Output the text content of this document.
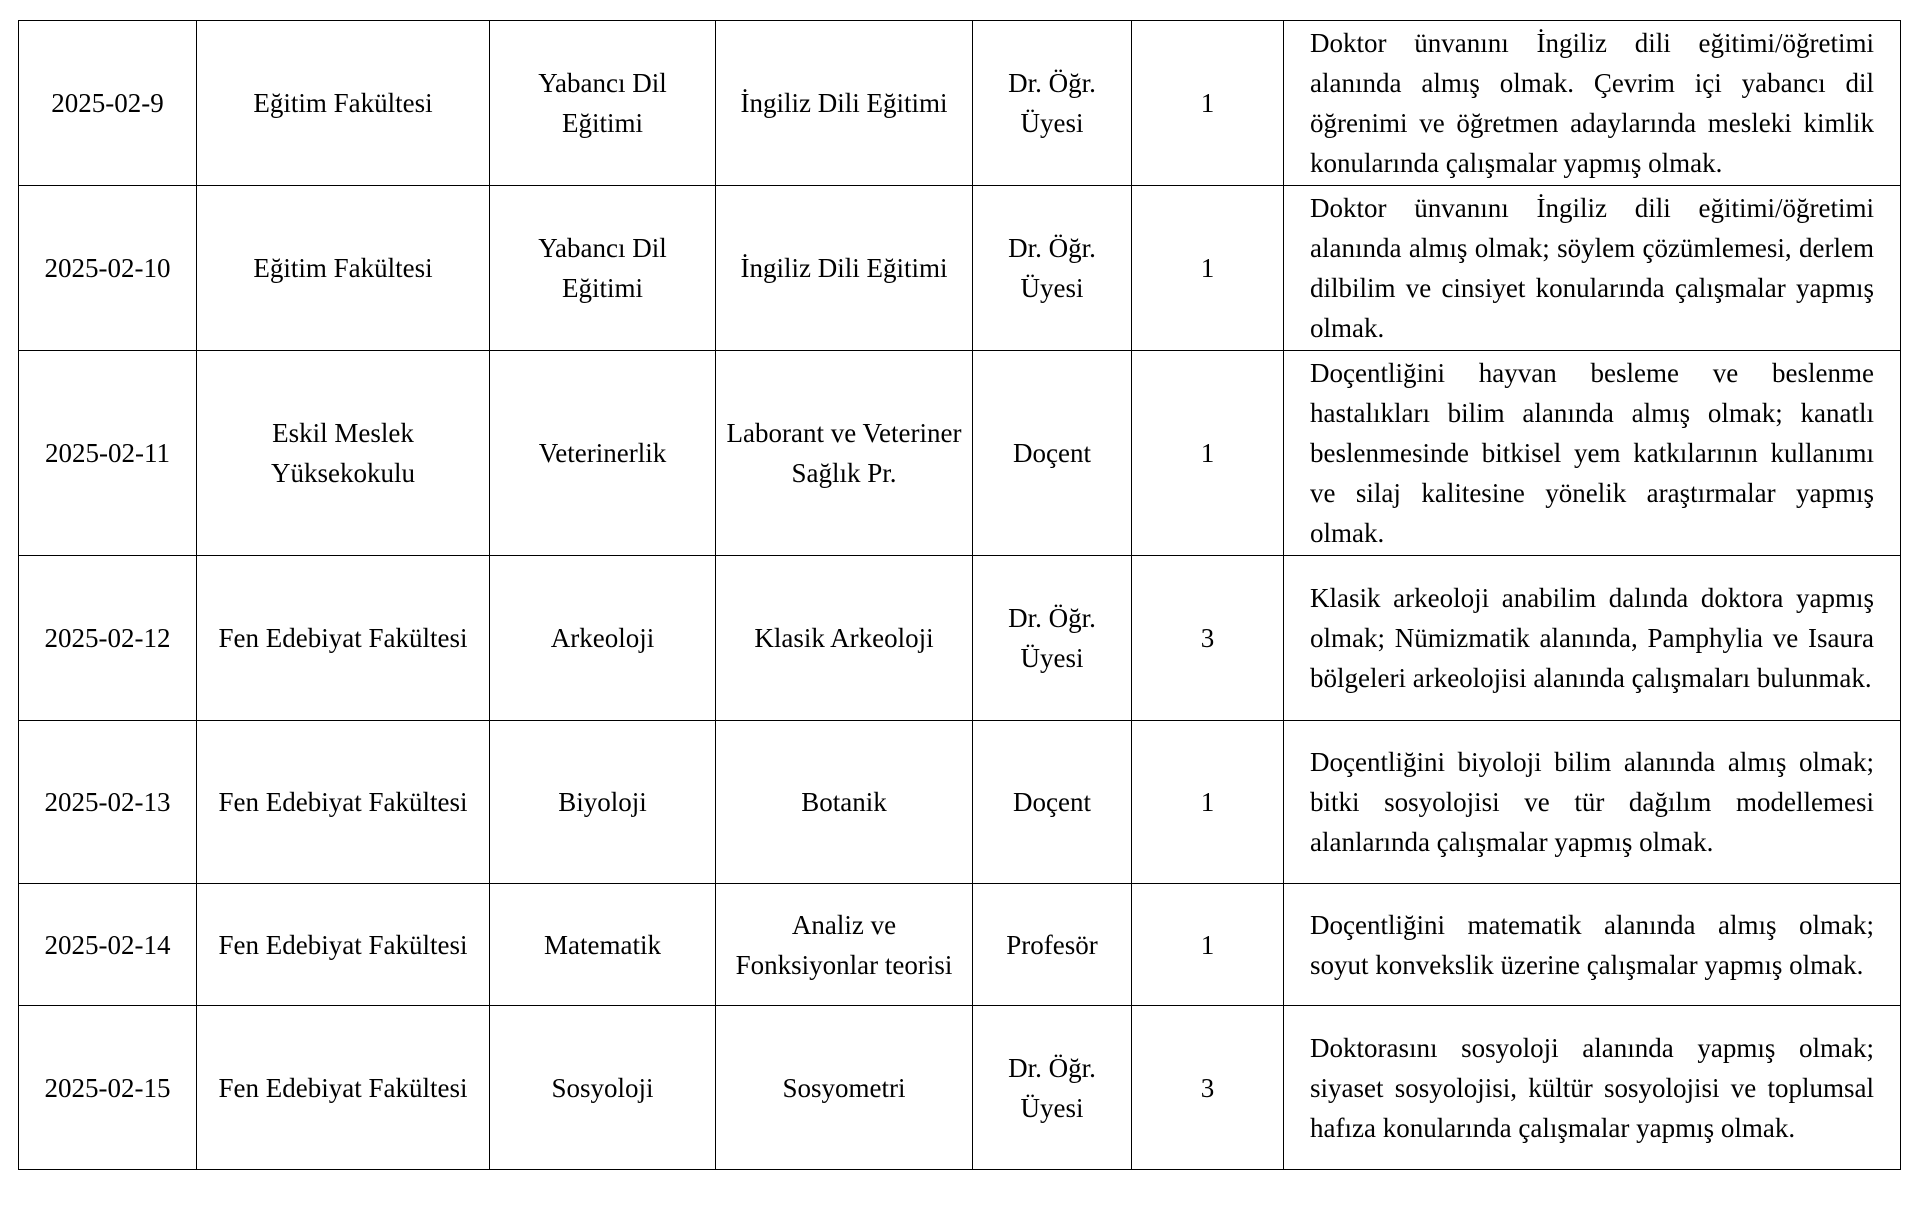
2025-02-9	Eğitim Fakültesi	Yabancı Dil Eğitimi	İngiliz Dili Eğitimi	Dr. Öğr. Üyesi	1	Doktor ünvanını İngiliz dili eğitimi/öğretimi alanında almış olmak. Çevrim içi yabancı dil öğrenimi ve öğretmen adaylarında mesleki kimlik konularında çalışmalar yapmış olmak.
2025-02-10	Eğitim Fakültesi	Yabancı Dil Eğitimi	İngiliz Dili Eğitimi	Dr. Öğr. Üyesi	1	Doktor ünvanını İngiliz dili eğitimi/öğretimi alanında almış olmak; söylem çözümlemesi, derlem dilbilim ve cinsiyet konularında çalışmalar yapmış olmak.
2025-02-11	Eskil Meslek Yüksekokulu	Veterinerlik	Laborant ve Veteriner Sağlık Pr.	Doçent	1	Doçentliğini hayvan besleme ve beslenme hastalıkları bilim alanında almış olmak; kanatlı beslenmesinde bitkisel yem katkılarının kullanımı ve silaj kalitesine yönelik araştırmalar yapmış olmak.
2025-02-12	Fen Edebiyat Fakültesi	Arkeoloji	Klasik Arkeoloji	Dr. Öğr. Üyesi	3	Klasik arkeoloji anabilim dalında doktora yapmış olmak; Nümizmatik alanında, Pamphylia ve Isaura bölgeleri arkeolojisi alanında çalışmaları bulunmak.
2025-02-13	Fen Edebiyat Fakültesi	Biyoloji	Botanik	Doçent	1	Doçentliğini biyoloji bilim alanında almış olmak; bitki sosyolojisi ve tür dağılım modellemesi alanlarında çalışmalar yapmış olmak.
2025-02-14	Fen Edebiyat Fakültesi	Matematik	Analiz ve Fonksiyonlar teorisi	Profesör	1	Doçentliğini matematik alanında almış olmak; soyut konvekslik üzerine çalışmalar yapmış olmak.
2025-02-15	Fen Edebiyat Fakültesi	Sosyoloji	Sosyometri	Dr. Öğr. Üyesi	3	Doktorasını sosyoloji alanında yapmış olmak; siyaset sosyolojisi, kültür sosyolojisi ve toplumsal hafıza konularında çalışmalar yapmış olmak.
